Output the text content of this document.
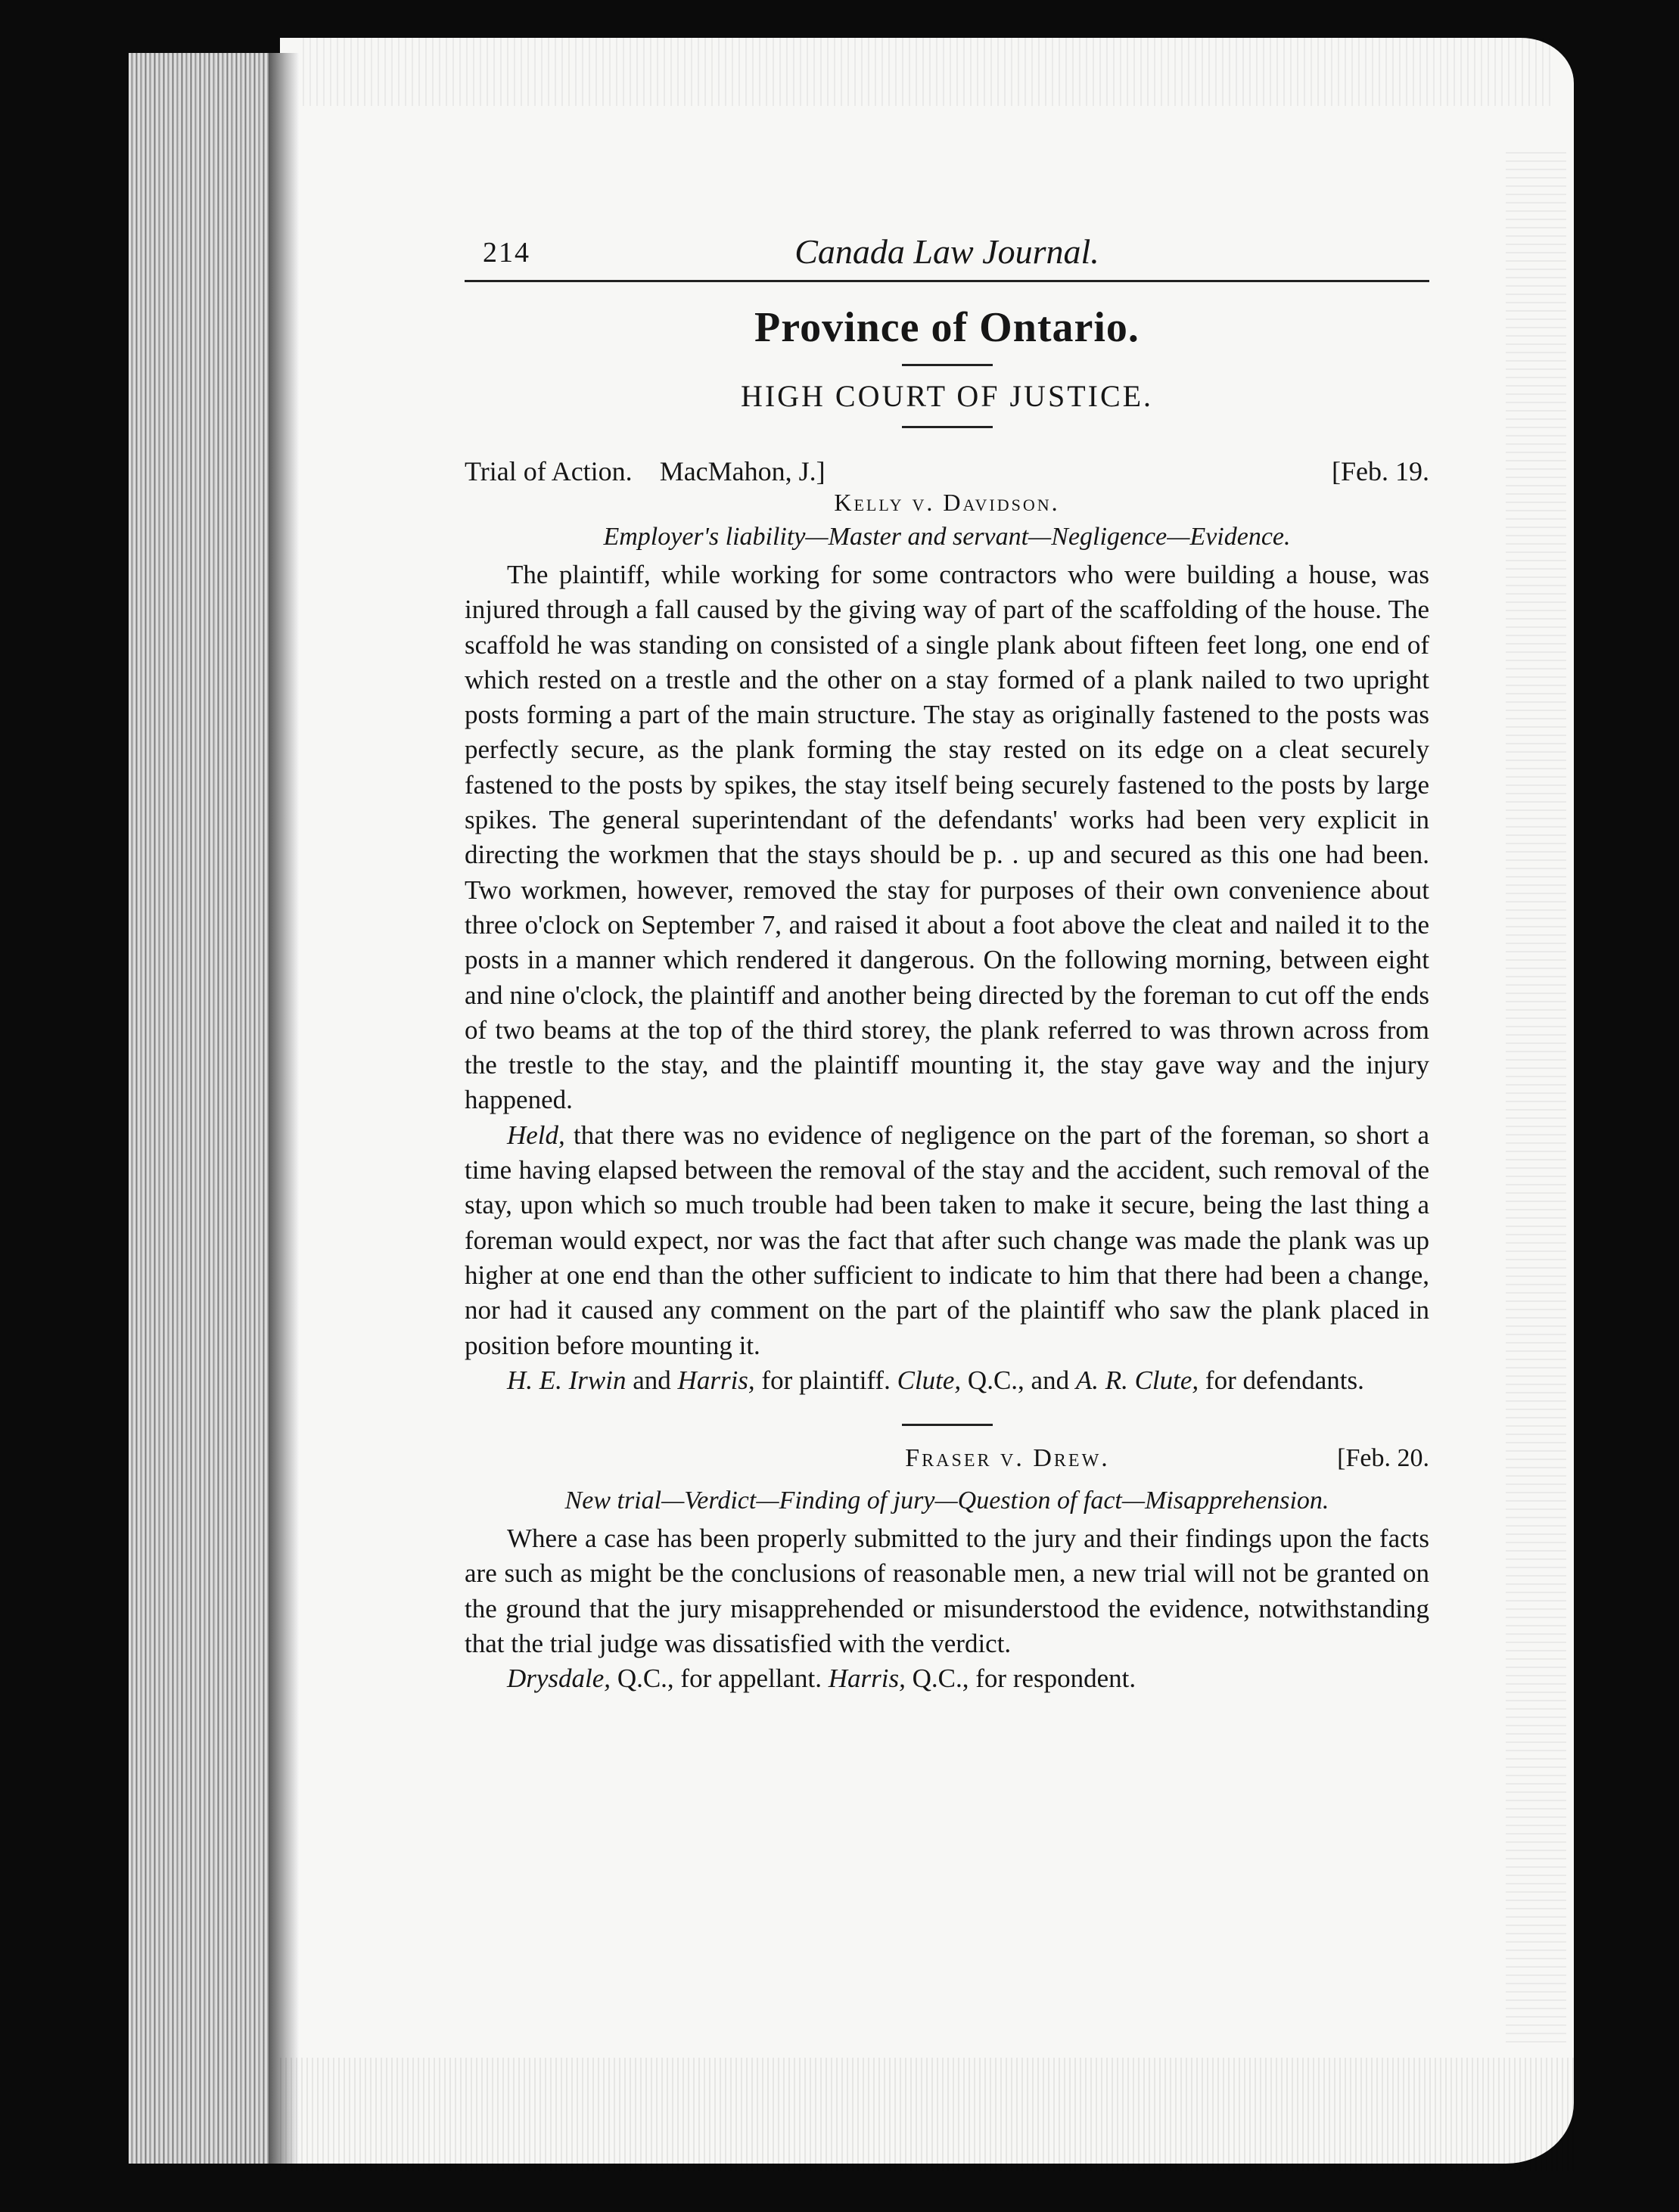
214	Canada Law Journal.
Province of Ontario.
HIGH COURT OF JUSTICE.
Trial of Action. MacMahon, J.]	[Feb. 19.
Kelly v. Davidson.
Employer's liability—Master and servant—Negligence—Evidence.

The plaintiff, while working for some contractors who were building a house, was injured through a fall caused by the giving way of part of the scaffolding of the house. The scaffold he was standing on consisted of a single plank about fifteen feet long, one end of which rested on a trestle and the other on a stay formed of a plank nailed to two upright posts forming a part of the main structure. The stay as originally fastened to the posts was perfectly secure, as the plank forming the stay rested on its edge on a cleat securely fastened to the posts by spikes, the stay itself being securely fastened to the posts by large spikes. The general superintendant of the defendants' works had been very explicit in directing the workmen that the stays should be p. . up and secured as this one had been. Two workmen, however, removed the stay for purposes of their own convenience about three o'clock on September 7, and raised it about a foot above the cleat and nailed it to the posts in a manner which rendered it dangerous. On the following morning, between eight and nine o'clock, the plaintiff and another being directed by the foreman to cut off the ends of two beams at the top of the third storey, the plank referred to was thrown across from the trestle to the stay, and the plaintiff mounting it, the stay gave way and the injury happened.

Held, that there was no evidence of negligence on the part of the foreman, so short a time having elapsed between the removal of the stay and the accident, such removal of the stay, upon which so much trouble had been taken to make it secure, being the last thing a foreman would expect, nor was the fact that after such change was made the plank was up higher at one end than the other sufficient to indicate to him that there had been a change, nor had it caused any comment on the part of the plaintiff who saw the plank placed in position before mounting it.

H. E. Irwin and Harris, for plaintiff. Clute, Q.C., and A. R. Clute, for defendants.

Fraser v. Drew.	[Feb. 20.
New trial—Verdict—Finding of jury—Question of fact—Misapprehension.

Where a case has been properly submitted to the jury and their findings upon the facts are such as might be the conclusions of reasonable men, a new trial will not be granted on the ground that the jury misapprehended or misunderstood the evidence, notwithstanding that the trial judge was dissatisfied with the verdict.

Drysdale, Q.C., for appellant. Harris, Q.C., for respondent.
